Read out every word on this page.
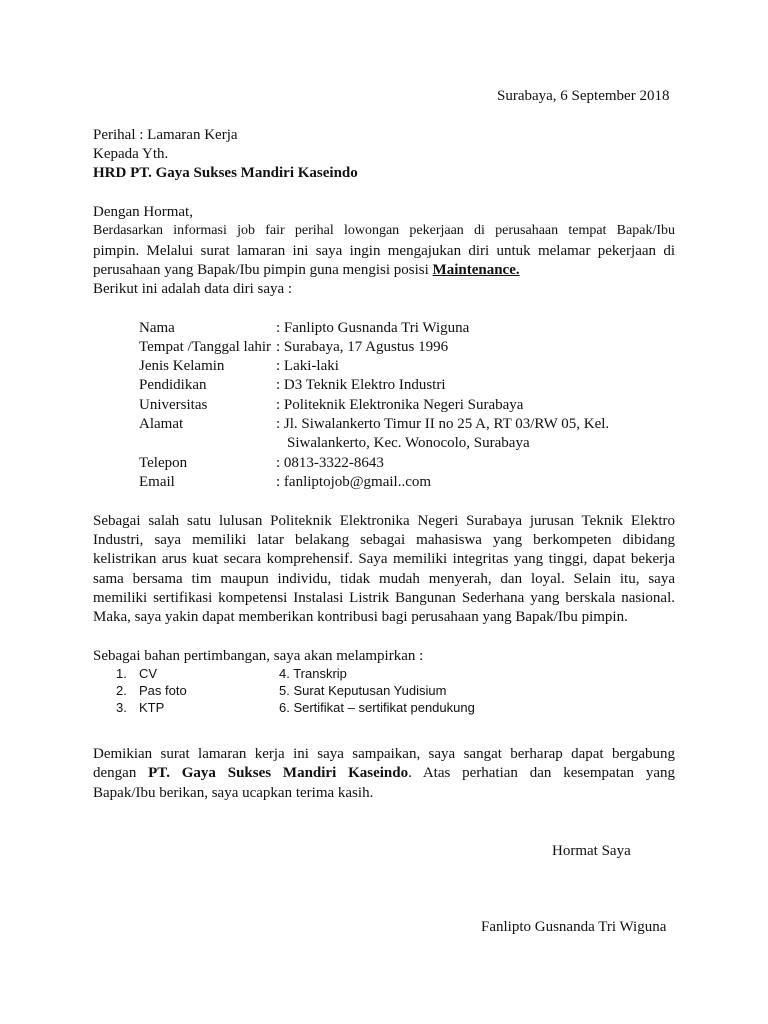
Surabaya, 6 September 2018
Perihal : Lamaran Kerja
Kepada Yth.
HRD PT. Gaya Sukses Mandiri Kaseindo
Dengan Hormat,
Berdasarkan informasi job fair perihal lowongan pekerjaan di perusahaan tempat Bapak/Ibu
pimpin. Melalui surat lamaran ini saya ingin mengajukan diri untuk melamar pekerjaan di
perusahaan yang Bapak/Ibu pimpin guna mengisi posisi Maintenance.
Berikut ini adalah data diri saya :
Nama	: Fanlipto Gusnanda Tri Wiguna
Tempat /Tanggal lahir : Surabaya, 17 Agustus 1996
Jenis Kelamin	: Laki-laki
Pendidikan	: D3 Teknik Elektro Industri
Universitas	: Politeknik Elektronika Negeri Surabaya
Alamat	: Jl. Siwalankerto Timur II no 25 A, RT 03/RW 05, Kel.
Siwalankerto, Kec. Wonocolo, Surabaya
Telepon	: 0813-3322-8643
Email	: fanliptojob@gmail..com
Sebagai salah satu lulusan Politeknik Elektronika Negeri Surabaya jurusan Teknik Elektro
Industri, saya memiliki latar belakang sebagai mahasiswa yang berkompeten dibidang
kelistrikan arus kuat secara komprehensif. Saya memiliki integritas yang tinggi, dapat bekerja
sama bersama tim maupun individu, tidak mudah menyerah, dan loyal. Selain itu, saya
memiliki sertifikasi kompetensi Instalasi Listrik Bangunan Sederhana yang berskala nasional.
Maka, saya yakin dapat memberikan kontribusi bagi perusahaan yang Bapak/Ibu pimpin.
Sebagai bahan pertimbangan, saya akan melampirkan :
1. CV	4. Transkrip
2. Pas foto	5. Surat Keputusan Yudisium
3. KTP	6. Sertifikat – sertifikat pendukung
Demikian surat lamaran kerja ini saya sampaikan, saya sangat berharap dapat bergabung
dengan PT. Gaya Sukses Mandiri Kaseindo. Atas perhatian dan kesempatan yang
Bapak/Ibu berikan, saya ucapkan terima kasih.
Hormat Saya
Fanlipto Gusnanda Tri Wiguna
